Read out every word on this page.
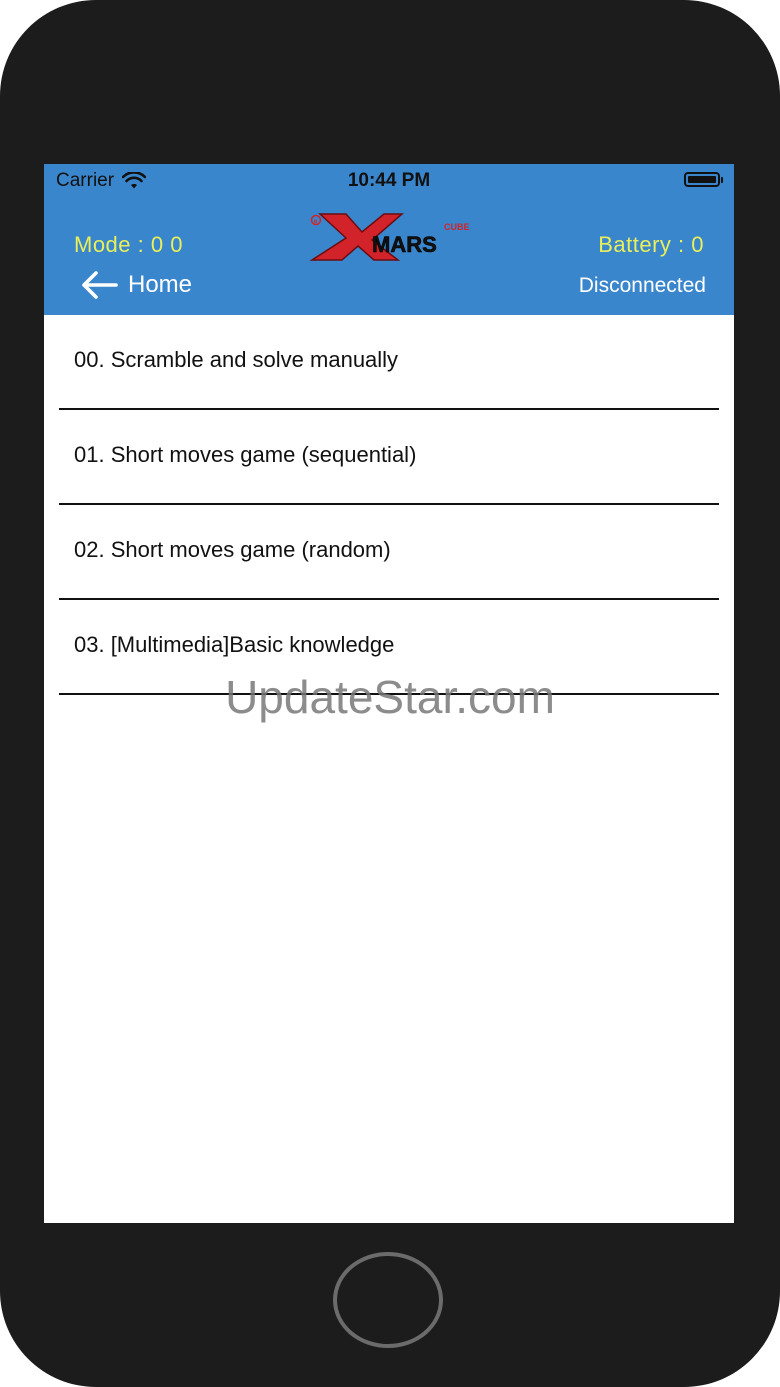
Carrier	10:44 PM
Mode : 0 0
e	CUBE
MARS	Battery : 0
Home	Disconnected
00. Scramble and solve manually
01. Short moves game (sequential)
02. Short moves game (random)
03. [Multimedia]Basic knowledge
UpdateStar.com
